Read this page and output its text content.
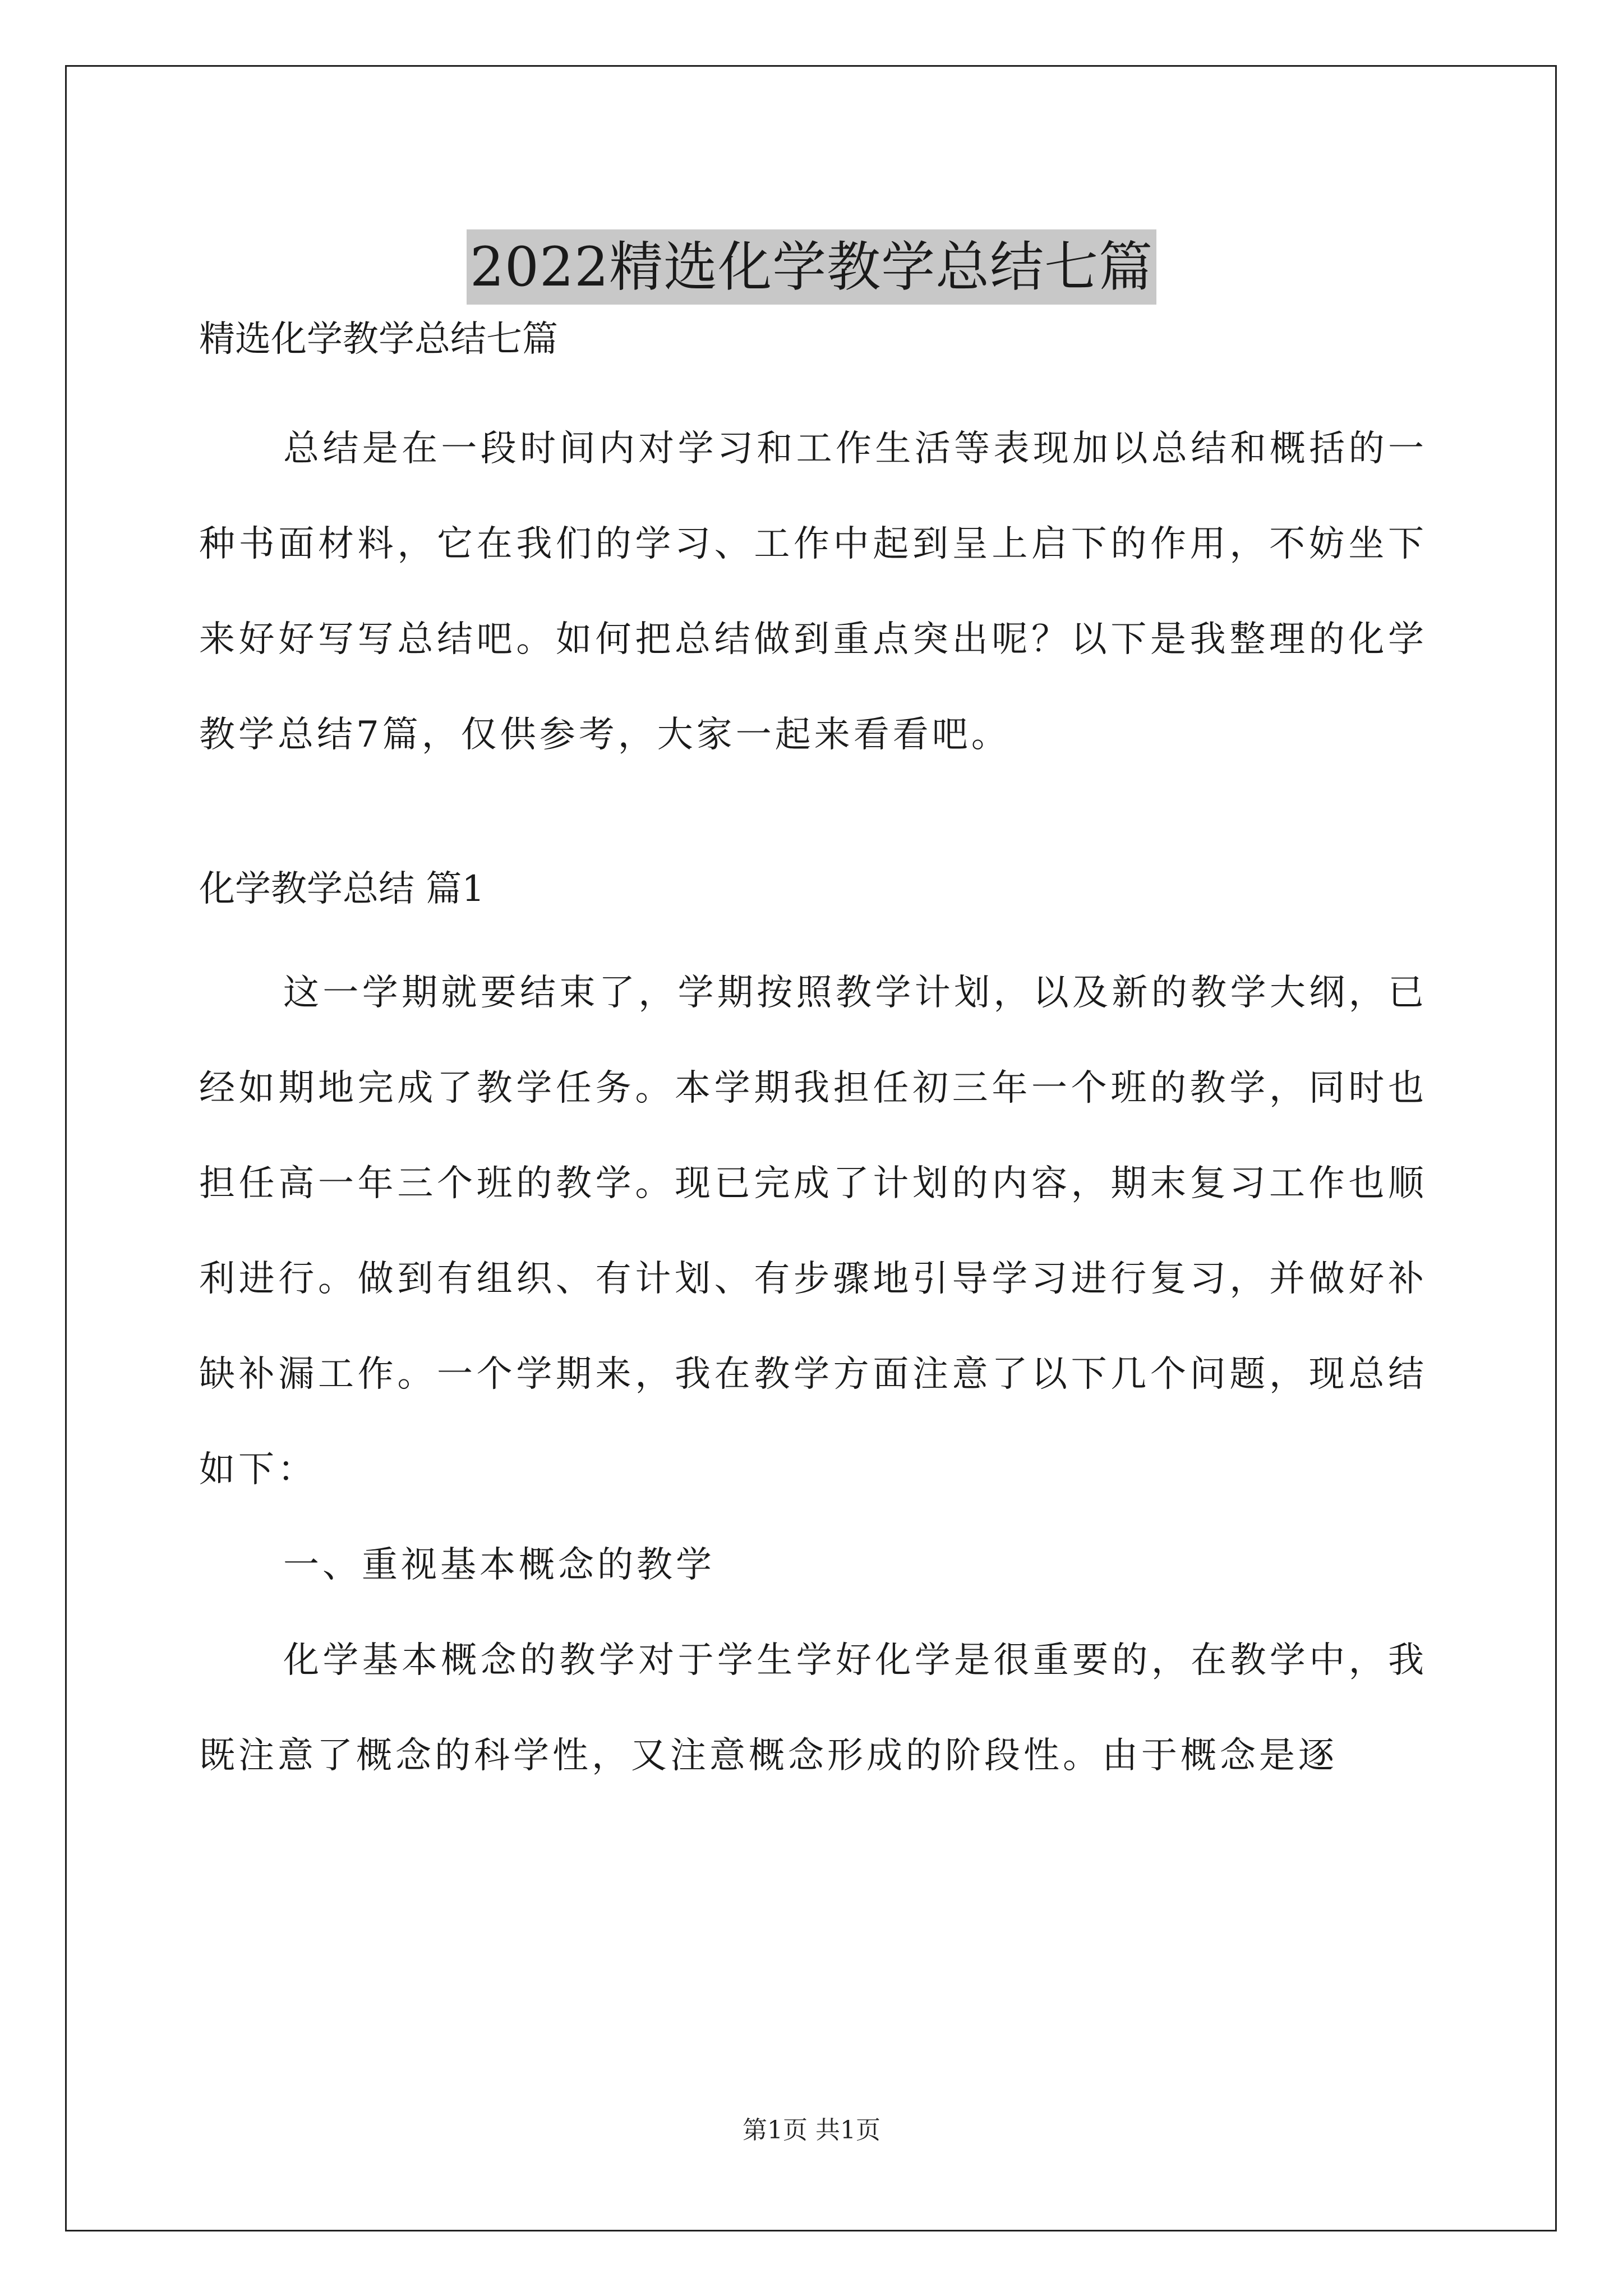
2022精选化学教学总结七篇

精选化学教学总结七篇

总结是在一段时间内对学习和工作生活等表现加以总结和概括的一种书面材料，它在我们的学习、工作中起到呈上启下的作用，不妨坐下来好好写写总结吧。如何把总结做到重点突出呢？以下是我整理的化学教学总结7篇，仅供参考，大家一起来看看吧。

化学教学总结 篇1

这一学期就要结束了，学期按照教学计划，以及新的教学大纲，已经如期地完成了教学任务。本学期我担任初三年一个班的教学，同时也担任高一年三个班的教学。现已完成了计划的内容，期末复习工作也顺利进行。做到有组织、有计划、有步骤地引导学习进行复习，并做好补缺补漏工作。一个学期来，我在教学方面注意了以下几个问题，现总结如下：

一、重视基本概念的教学

化学基本概念的教学对于学生学好化学是很重要的，在教学中，我既注意了概念的科学性，又注意概念形成的阶段性。由于概念是逐

第1页 共1页
